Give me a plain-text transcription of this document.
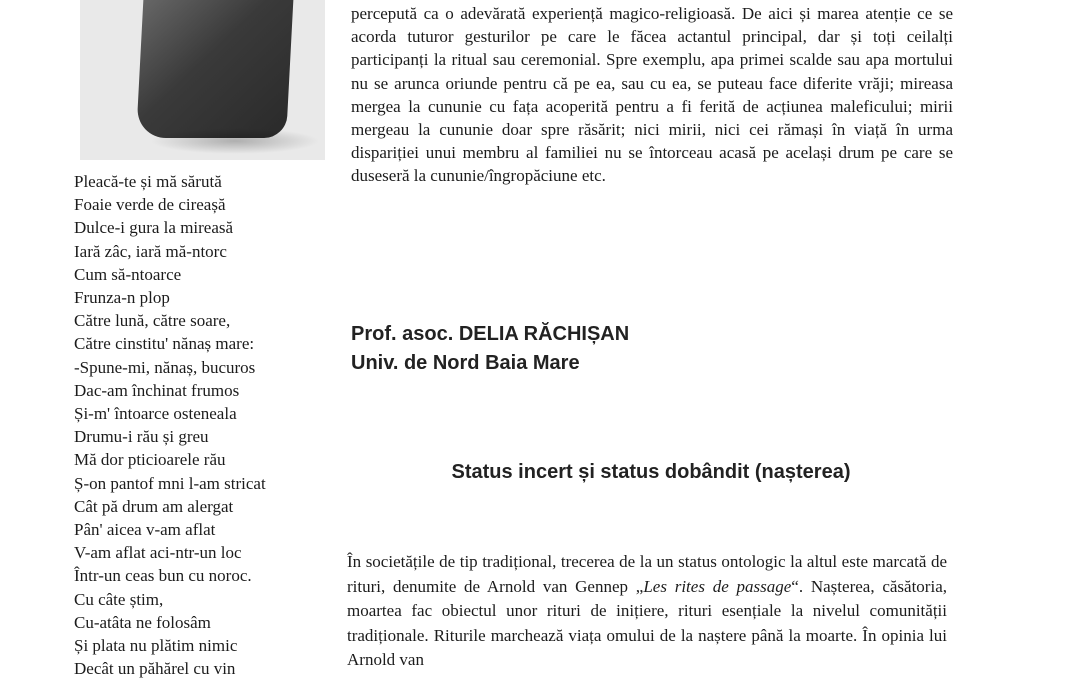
Pleacă-te și mă sărută
Foaie verde de cireașă
Dulce-i gura la mireasă
Iară zâc, iară mă-ntorc
Cum să-ntoarce
Frunza-n plop
Către lună, către soare,
Către cinstitu' nănaș mare:
-Spune-mi, nănaș, bucuros
Dac-am închinat frumos
Și-m' întoarce osteneala
Drumu-i rău și greu
Mă dor pticioarele rău
Ș-on pantof mni l-am stricat
Cât pă drum am alergat
Pân' aicea v-am aflat
V-am aflat aci-ntr-un loc
Într-un ceas bun cu noroc.
Cu câte știm,
Cu-atâta ne folosâm
Și plata nu plătim nimic
Decât un păhărel cu vin

percepută ca o adevărată experiență magico-religioasă. De aici și marea atenție ce se acorda tuturor gesturilor pe care le făcea actantul principal, dar și toți ceilalți participanți la ritual sau ceremonial. Spre exemplu, apa primei scalde sau apa mortului nu se arunca oriunde pentru că pe ea, sau cu ea, se puteau face diferite vrăji; mireasa mergea la cununie cu fața acoperită pentru a fi ferită de acțiunea maleficului; mirii mergeau la cununie doar spre răsărit; nici mirii, nici cei rămași în viață în urma dispariției unui membru al familiei nu se întorceau acasă pe același drum pe care se duseseră la cununie/îngropăciune etc.

Prof. asoc. DELIA RĂCHIȘAN
Univ. de Nord Baia Mare
Status incert și status dobândit (nașterea)

În societățile de tip tradițional, trecerea de la un status ontologic la altul este marcată de rituri, denumite de Arnold van Gennep „Les rites de passage“. Nașterea, căsătoria, moartea fac obiectul unor rituri de inițiere, rituri esențiale la nivelul comunității tradiționale. Riturile marchează viața omului de la naștere până la moarte. În opinia lui Arnold van
